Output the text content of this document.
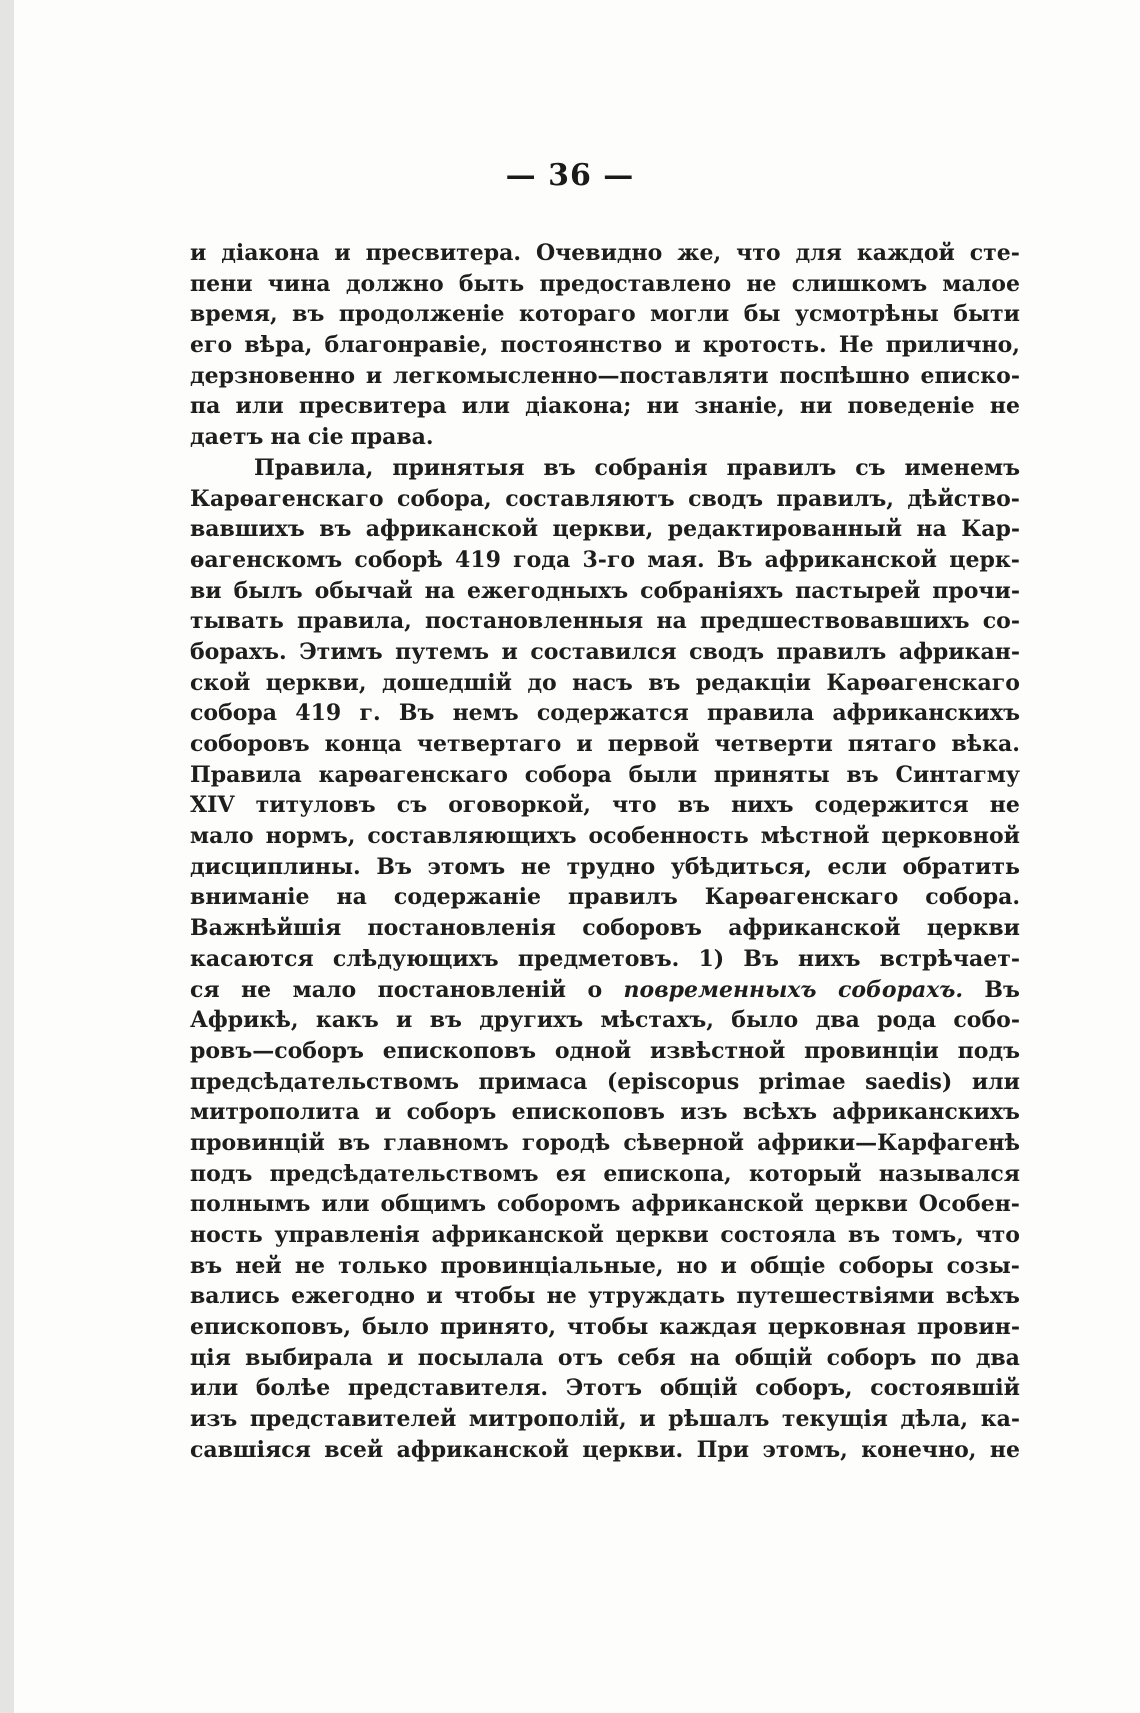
— 36 —
и діакона и пресвитера. Очевидно же, что для каждой сте-
пени чина должно быть предоставлено не слишкомъ малое
время, въ продолженіе котораго могли бы усмотрѣны быти
его вѣра, благонравіе, постоянство и кротость. Не прилично,
дерзновенно и легкомысленно—поставляти поспѣшно еписко-
па или пресвитера или діакона; ни знаніе, ни поведеніе не
даетъ на сіе права.
Правила, принятыя въ собранія правилъ съ именемъ
Карѳагенскаго собора, составляютъ сводъ правилъ, дѣйство-
вавшихъ въ африканской церкви, редактированный на Кар-
ѳагенскомъ соборѣ 419 года 3-го мая. Въ африканской церк-
ви былъ обычай на ежегодныхъ собраніяхъ пастырей прочи-
тывать правила, постановленныя на предшествовавшихъ со-
борахъ. Этимъ путемъ и составился сводъ правилъ африкан-
ской церкви, дошедшій до насъ въ редакціи Карѳагенскаго
собора 419 г. Въ немъ содержатся правила африканскихъ
соборовъ конца четвертаго и первой четверти пятаго вѣка.
Правила карѳагенскаго собора были приняты въ Синтагму
XIV титуловъ съ оговоркой, что въ нихъ содержится не
мало нормъ, составляющихъ особенность мѣстной церковной
дисциплины. Въ этомъ не трудно убѣдиться, если обратить
вниманіе на содержаніе правилъ Карѳагенскаго собора.
Важнѣйшія постановленія соборовъ африканской церкви
касаются слѣдующихъ предметовъ. 1) Въ нихъ встрѣчает-
ся не мало постановленій о повременныхъ соборахъ. Въ
Африкѣ, какъ и въ другихъ мѣстахъ, было два рода собо-
ровъ—соборъ епископовъ одной извѣстной провинціи подъ
предсѣдательствомъ примаса (episcopus primae saedis) или
митрополита и соборъ епископовъ изъ всѣхъ африканскихъ
провинцій въ главномъ городѣ сѣверной африки—Карфагенѣ
подъ предсѣдательствомъ ея епископа, который назывался
полнымъ или общимъ соборомъ африканской церкви Особен-
ность управленія африканской церкви состояла въ томъ, что
въ ней не только провинціальные, но и общіе соборы созы-
вались ежегодно и чтобы не утруждать путешествіями всѣхъ
епископовъ, было принято, чтобы каждая церковная провин-
ція выбирала и посылала отъ себя на общій соборъ по два
или болѣе представителя. Этотъ общій соборъ, состоявшій
изъ представителей митрополій, и рѣшалъ текущія дѣла, ка-
савшіяся всей африканской церкви. При этомъ, конечно, не
